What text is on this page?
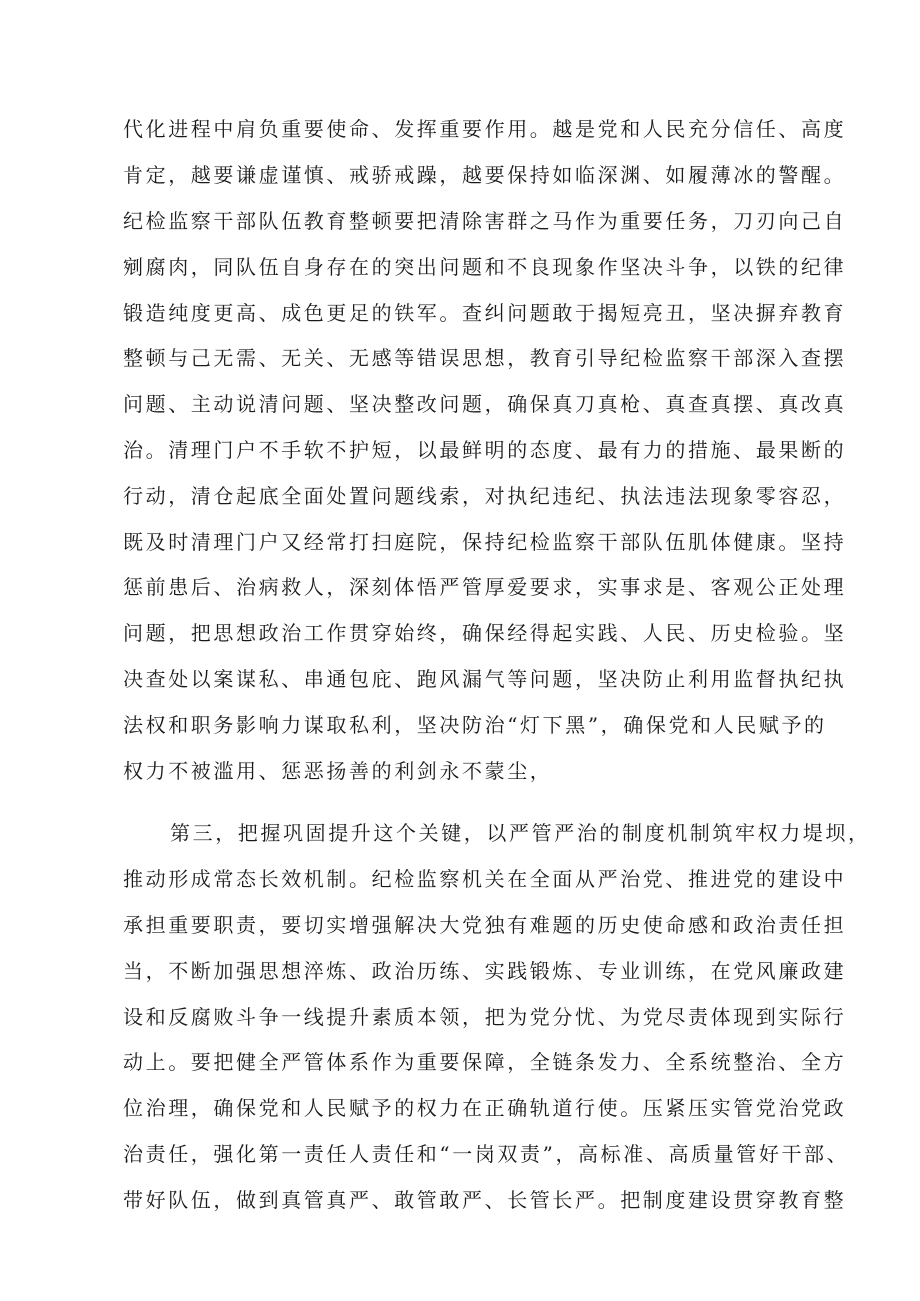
代化进程中肩负重要使命、发挥重要作用。越是党和人民充分信任、高度
肯定，越要谦虚谨慎、戒骄戒躁，越要保持如临深渊、如履薄冰的警醒。
纪检监察干部队伍教育整顿要把清除害群之马作为重要任务，刀刃向己自
剜腐肉，同队伍自身存在的突出问题和不良现象作坚决斗争，以铁的纪律
锻造纯度更高、成色更足的铁军。查纠问题敢于揭短亮丑，坚决摒弃教育
整顿与己无需、无关、无感等错误思想，教育引导纪检监察干部深入查摆
问题、主动说清问题、坚决整改问题，确保真刀真枪、真查真摆、真改真
治。清理门户不手软不护短，以最鲜明的态度、最有力的措施、最果断的
行动，清仓起底全面处置问题线索，对执纪违纪、执法违法现象零容忍，
既及时清理门户又经常打扫庭院，保持纪检监察干部队伍肌体健康。坚持
惩前患后、治病救人，深刻体悟严管厚爱要求，实事求是、客观公正处理
问题，把思想政治工作贯穿始终，确保经得起实践、人民、历史检验。坚
决查处以案谋私、串通包庇、跑风漏气等问题，坚决防止利用监督执纪执
法权和职务影响力谋取私利，坚决防治“灯下黑”，确保党和人民赋予的
权力不被滥用、惩恶扬善的利剑永不蒙尘，
第三，把握巩固提升这个关键，以严管严治的制度机制筑牢权力堤坝，
推动形成常态长效机制。纪检监察机关在全面从严治党、推进党的建设中
承担重要职责，要切实增强解决大党独有难题的历史使命感和政治责任担
当，不断加强思想淬炼、政治历练、实践锻炼、专业训练，在党风廉政建
设和反腐败斗争一线提升素质本领，把为党分忧、为党尽责体现到实际行
动上。要把健全严管体系作为重要保障，全链条发力、全系统整治、全方
位治理，确保党和人民赋予的权力在正确轨道行使。压紧压实管党治党政
治责任，强化第一责任人责任和“一岗双责”，高标准、高质量管好干部、
带好队伍，做到真管真严、敢管敢严、长管长严。把制度建设贯穿教育整
